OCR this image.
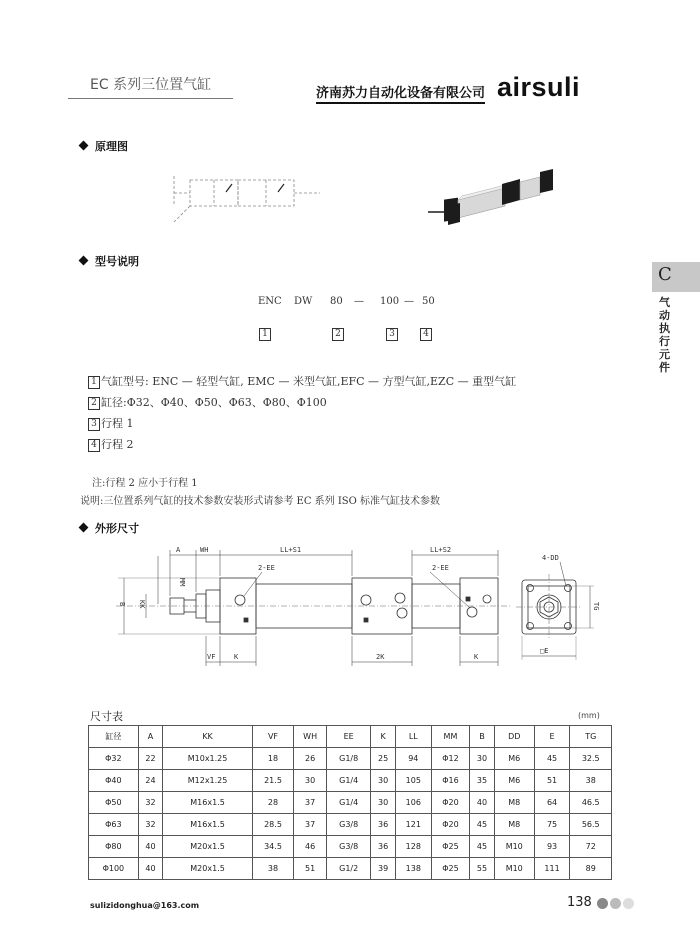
EC 系列三位置气缸
济南苏力自动化设备有限公司 airsuli
C
气动执行元件
原理图
型号说明
外形尺寸
A	WH	LL+S1	LL+S2
2-EE	2-EE
4-DD
MM
B KK
VF	K	2K	K
TG
□E
ENC DW 80 — 100 — 50
1	2	3	4
1 气缸型号: ENC — 轻型气缸, EMC — 米型气缸,EFC — 方型气缸,EZC — 重型气缸
2 缸径:Φ32、Φ40、Φ50、Φ63、Φ80、Φ100
3 行程 1
4 行程 2
注:行程 2 应小于行程 1
说明:三位置系列气缸的技术参数安装形式请参考 EC 系列 ISO 标准气缸技术参数
尺寸表	(mm)
缸径	A	KK	VF	WH	EE	K	LL	MM	B	DD	E	TG
Φ32	22	M10x1.25	18	26	G1/8	25	94	Φ12	30	M6	45	32.5
Φ40	24	M12x1.25	21.5	30	G1/4	30	105	Φ16	35	M6	51	38
Φ50	32	M16x1.5	28	37	G1/4	30	106	Φ20	40	M8	64	46.5
Φ63	32	M16x1.5	28.5	37	G3/8	36	121	Φ20	45	M8	75	56.5
Φ80	40	M20x1.5	34.5	46	G3/8	36	128	Φ25	45	M10	93	72
Φ100	40	M20x1.5	38	51	G1/2	39	138	Φ25	55	M10	111	89
sulizidonghua@163.com	138
